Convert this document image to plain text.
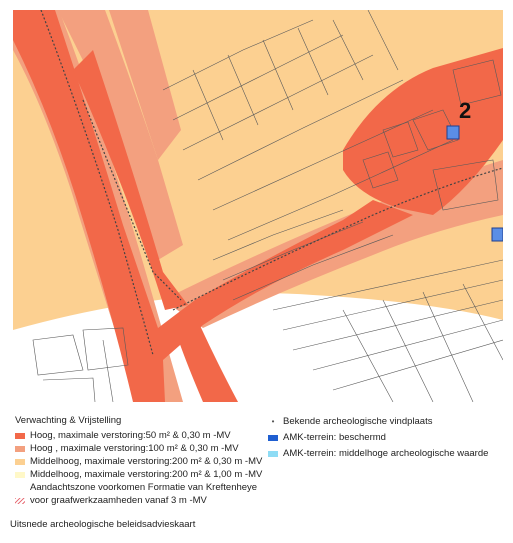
2
Verwachting & Vrijstelling
Hoog, maximale verstoring:50 m² & 0,30 m -MV
Hoog , maximale verstoring:100 m² & 0,30 m -MV
Middelhoog, maximale verstoring:200 m² & 0,30 m -MV
Middelhoog, maximale verstoring:200 m² & 1,00 m -MV
Aandachtszone voorkomen Formatie van Kreftenheye
voor graafwerkzaamheden vanaf 3 m -MV
• Bekende archeologische vindplaats
AMK-terrein: beschermd
AMK-terrein: middelhoge archeologische waarde
Uitsnede archeologische beleidsadvieskaart
